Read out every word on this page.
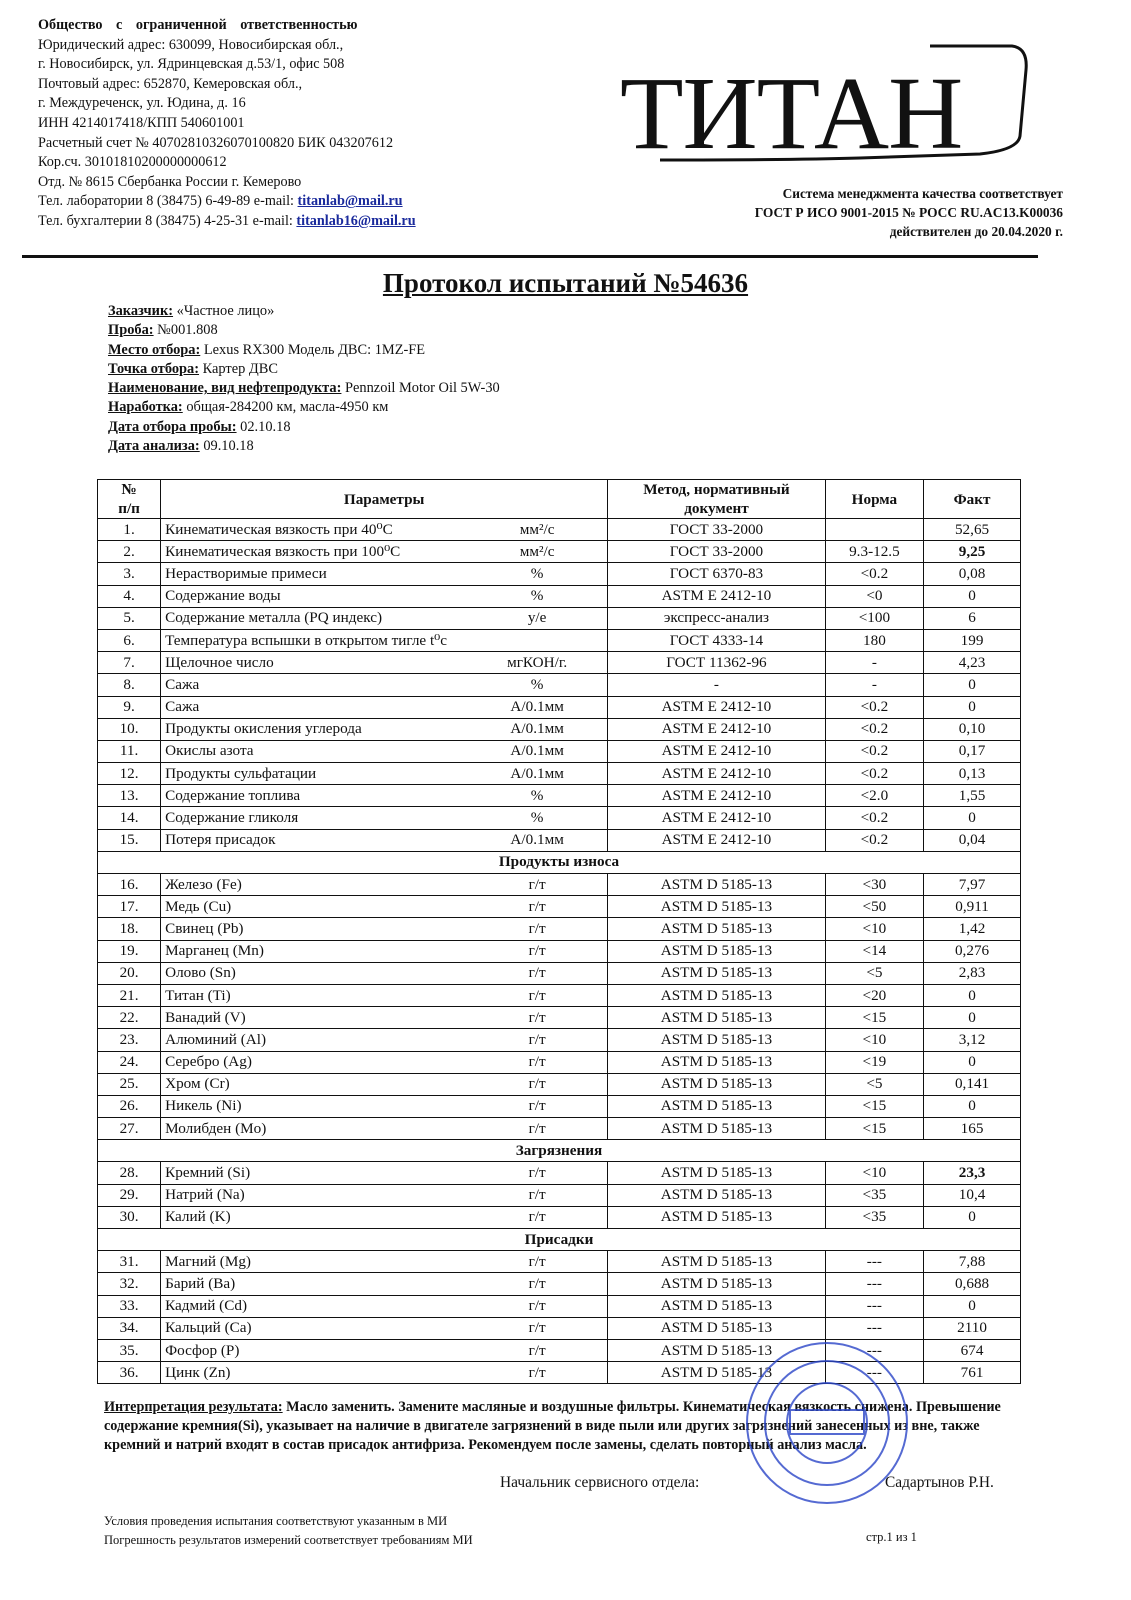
Общество с ограниченной ответственностью
Юридический адрес: 630099, Новосибирская обл.,
г. Новосибирск, ул. Ядринцевская д.53/1, офис 508
Почтовый адрес: 652870, Кемеровская обл.,
г. Междуреченск, ул. Юдина, д. 16
ИНН 4214017418/КПП 540601001
Расчетный счет № 40702810326070100820 БИК 043207612
Кор.сч. 30101810200000000612
Отд. № 8615 Сбербанка России г. Кемерово
Тел. лаборатории 8 (38475) 6-49-89 e-mail: titanlab@mail.ru
Тел. бухгалтерии 8 (38475) 4-25-31 e-mail: titanlab16@mail.ru
ТИТАН
Система менеджмента качества соответствует
ГОСТ Р ИСО 9001-2015 № РОСС RU.AC13.K00036
действителен до 20.04.2020 г.
Протокол испытаний №54636
Заказчик: «Частное лицо»
Проба: №001.808
Место отбора: Lexus RX300 Модель ДВС: 1MZ-FE
Точка отбора: Картер ДВС
Наименование, вид нефтепродукта: Pennzoil Motor Oil 5W-30
Наработка: общая-284200 км, масла-4950 км
Дата отбора пробы: 02.10.18
Дата анализа: 09.10.18
№
п/п	Параметры	Метод, нормативный
документ	Норма	Факт
1.	Кинематическая вязкость при 40⁰С мм²/с	ГОСТ 33-2000		52,65
2.	Кинематическая вязкость при 100⁰С мм²/с	ГОСТ 33-2000	9.3-12.5	9,25
3.	Нерастворимые примеси %	ГОСТ 6370-83	<0.2	0,08
4.	Содержание воды %	ASTM E 2412-10	<0	0
5.	Содержание металла (PQ индекс) у/е	экспресс-анализ	<100	6
6.	Температура вспышки в открытом тигле t⁰с	ГОСТ 4333-14	180	199
7.	Щелочное число мгКОН/г.	ГОСТ 11362-96	-	4,23
8.	Сажа %	-	-	0
9.	Сажа А/0.1мм	ASTM E 2412-10	<0.2	0
10.	Продукты окисления углерода А/0.1мм	ASTM E 2412-10	<0.2	0,10
11.	Окислы азота А/0.1мм	ASTM E 2412-10	<0.2	0,17
12.	Продукты сульфатации А/0.1мм	ASTM E 2412-10	<0.2	0,13
13.	Содержание топлива %	ASTM E 2412-10	<2.0	1,55
14.	Содержание гликоля %	ASTM E 2412-10	<0.2	0
15.	Потеря присадок А/0.1мм	ASTM E 2412-10	<0.2	0,04
Продукты износа				
16.	Железо (Fe) г/т	ASTM D 5185-13	<30	7,97
17.	Медь (Cu) г/т	ASTM D 5185-13	<50	0,911
18.	Свинец (Pb) г/т	ASTM D 5185-13	<10	1,42
19.	Марганец (Mn) г/т	ASTM D 5185-13	<14	0,276
20.	Олово (Sn) г/т	ASTM D 5185-13	<5	2,83
21.	Титан (Ti) г/т	ASTM D 5185-13	<20	0
22.	Ванадий (V) г/т	ASTM D 5185-13	<15	0
23.	Алюминий (Al) г/т	ASTM D 5185-13	<10	3,12
24.	Серебро (Ag) г/т	ASTM D 5185-13	<19	0
25.	Хром (Cr) г/т	ASTM D 5185-13	<5	0,141
26.	Никель (Ni) г/т	ASTM D 5185-13	<15	0
27.	Молибден (Mo) г/т	ASTM D 5185-13	<15	165
Загрязнения				
28.	Кремний (Si) г/т	ASTM D 5185-13	<10	23,3
29.	Натрий (Na) г/т	ASTM D 5185-13	<35	10,4
30.	Калий (K) г/т	ASTM D 5185-13	<35	0
Присадки				
31.	Магний (Mg) г/т	ASTM D 5185-13	---	7,88
32.	Барий (Ba) г/т	ASTM D 5185-13	---	0,688
33.	Кадмий (Cd) г/т	ASTM D 5185-13	---	0
34.	Кальций (Ca) г/т	ASTM D 5185-13	---	2110
35.	Фосфор (P) г/т	ASTM D 5185-13	---	674
36.	Цинк (Zn) г/т	ASTM D 5185-13	---	761
Интерпретация результата: Масло заменить. Замените масляные и воздушные фильтры. Кинематическая вязкость снижена. Превышение содержание кремния(Si), указывает на наличие в двигателе загрязнений в виде пыли или других загрязнений занесенных из вне, также кремний и натрий входят в состав присадок антифриза. Рекомендуем после замены, сделать повторный анализ масла.
Начальник сервисного отдела:	Садартынов Р.Н.
Условия проведения испытания соответствуют указанным в МИ
Погрешность результатов измерений соответствует требованиям МИ	стр.1 из 1
